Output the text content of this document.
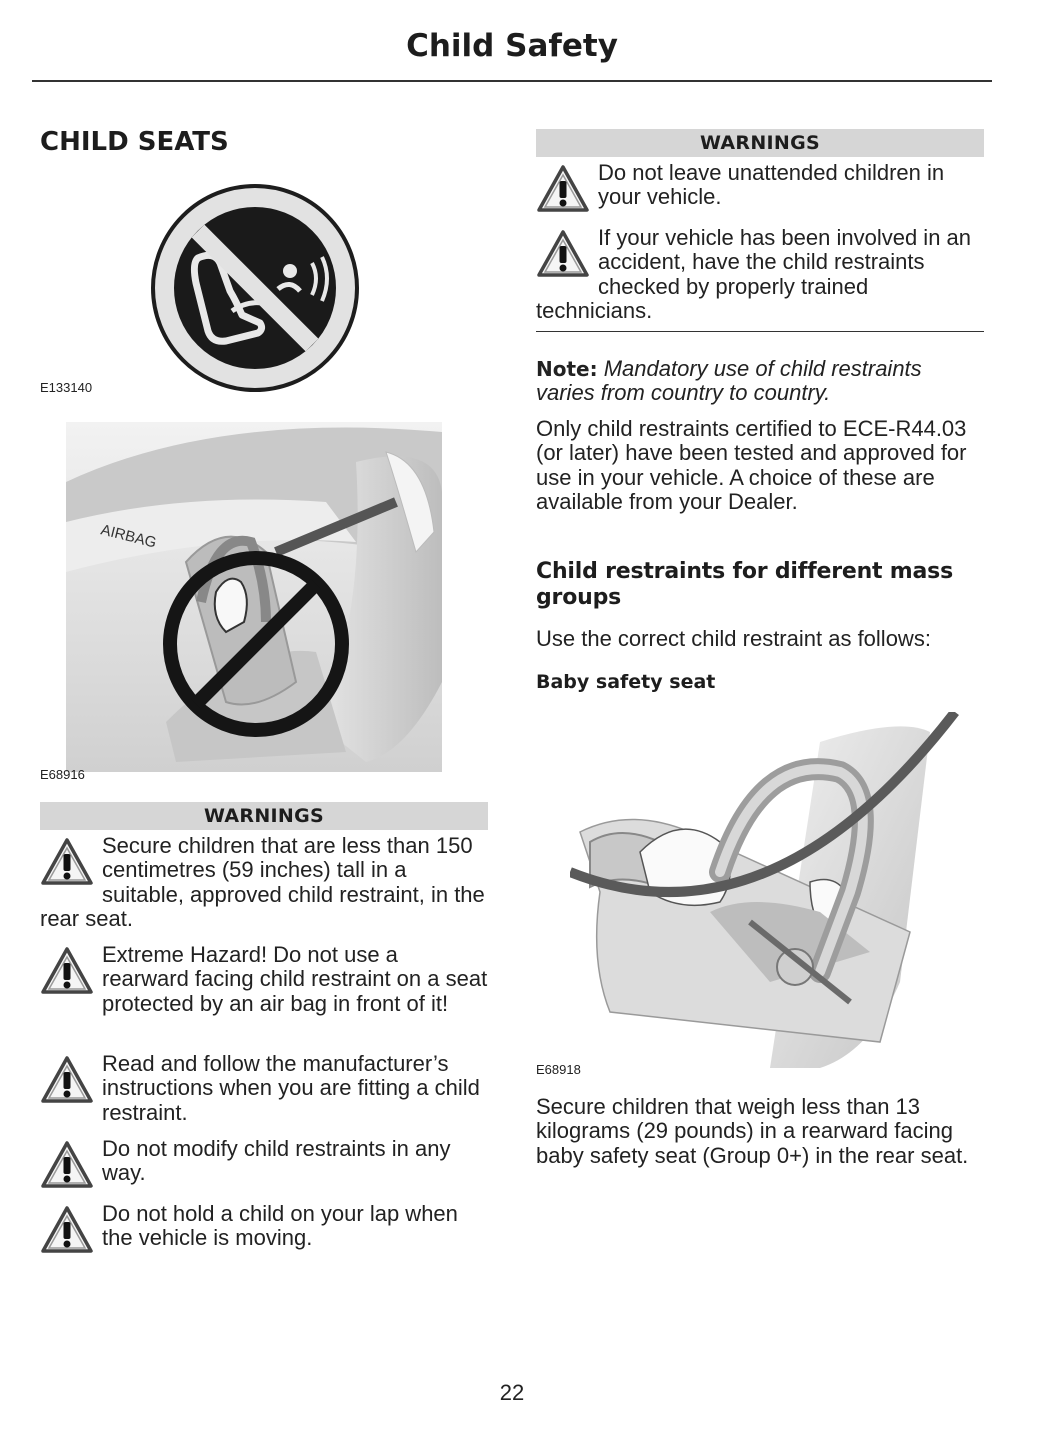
Child Safety
CHILD SEATS
E133140
AIRBAG
E68916
WARNINGS
Secure children that are less than 150 centimetres (59 inches) tall in a suitable, approved child restraint, in the rear seat.
Extreme Hazard! Do not use a rearward facing child restraint on a seat protected by an air bag in front of it!
Read and follow the manufacturer’s instructions when you are fitting a child restraint.
Do not modify child restraints in any way.
Do not hold a child on your lap when the vehicle is moving.
WARNINGS
Do not leave unattended children in your vehicle.
If your vehicle has been involved in an accident, have the child restraints checked by properly trained technicians.
Note: Mandatory use of child restraints varies from country to country.
Only child restraints certified to ECE-R44.03 (or later) have been tested and approved for use in your vehicle. A choice of these are available from your Dealer.
Child restraints for different mass groups
Use the correct child restraint as follows:
Baby safety seat
E68918
Secure children that weigh less than 13 kilograms (29 pounds) in a rearward facing baby safety seat (Group 0+) in the rear seat.
22
